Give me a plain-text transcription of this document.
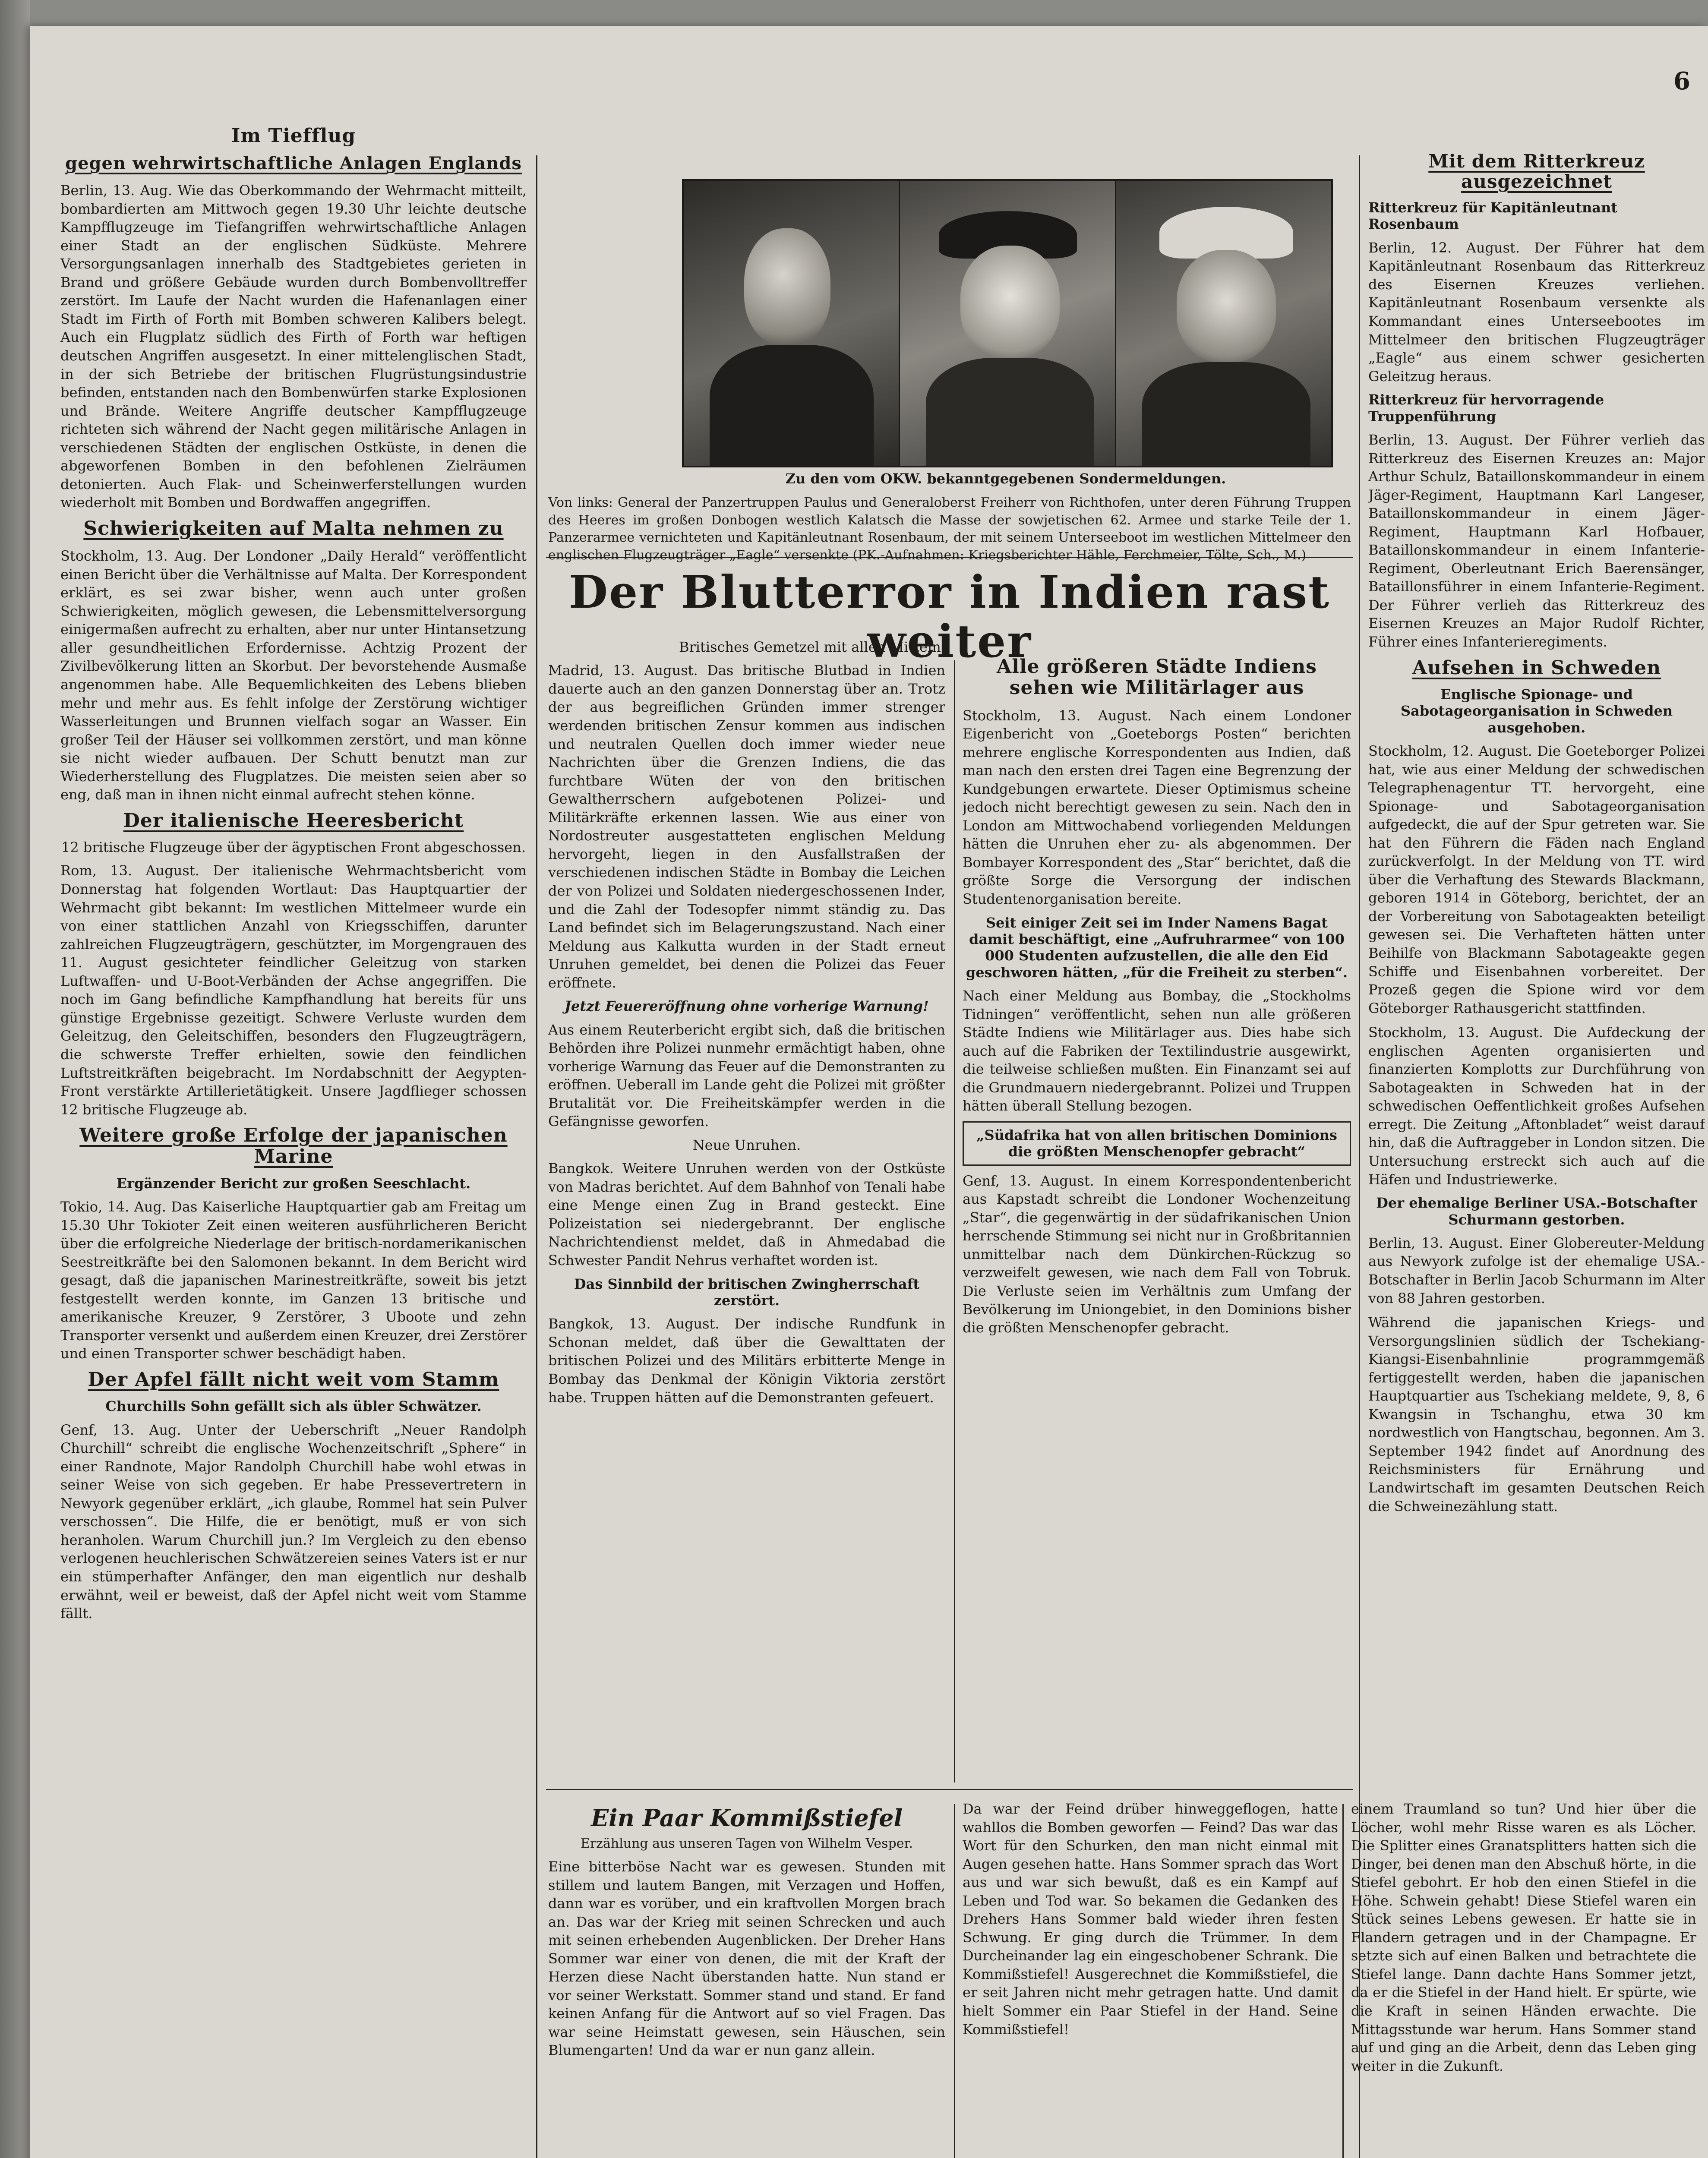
6
Im Tiefflug
gegen wehrwirtschaftliche Anlagen Englands

Berlin, 13. Aug. Wie das Oberkommando der Wehrmacht mitteilt, bombardierten am Mittwoch gegen 19.30 Uhr leichte deutsche Kampfflugzeuge im Tiefangriffen wehrwirtschaftliche Anlagen einer Stadt an der englischen Südküste. Mehrere Versorgungsanlagen innerhalb des Stadtgebietes gerieten in Brand und größere Gebäude wurden durch Bombenvolltreffer zerstört. Im Laufe der Nacht wurden die Hafenanlagen einer Stadt im Firth of Forth mit Bomben schweren Kalibers belegt. Auch ein Flugplatz südlich des Firth of Forth war heftigen deutschen Angriffen ausgesetzt. In einer mittelenglischen Stadt, in der sich Betriebe der britischen Flugrüstungsindustrie befinden, entstanden nach den Bombenwürfen starke Explosionen und Brände. Weitere Angriffe deutscher Kampfflugzeuge richteten sich während der Nacht gegen militärische Anlagen in verschiedenen Städten der englischen Ostküste, in denen die abgeworfenen Bomben in den befohlenen Zielräumen detonierten. Auch Flak- und Scheinwerferstellungen wurden wiederholt mit Bomben und Bordwaffen angegriffen.

Schwierigkeiten auf Malta nehmen zu

Stockholm, 13. Aug. Der Londoner „Daily Herald“ veröffentlicht einen Bericht über die Verhältnisse auf Malta. Der Korrespondent erklärt, es sei zwar bisher, wenn auch unter großen Schwierigkeiten, möglich gewesen, die Lebensmittelversorgung einigermaßen aufrecht zu erhalten, aber nur unter Hintansetzung aller gesundheitlichen Erfordernisse. Achtzig Prozent der Zivilbevölkerung litten an Skorbut. Der bevorstehende Ausmaße angenommen habe. Alle Bequemlichkeiten des Lebens blieben mehr und mehr aus. Es fehlt infolge der Zerstörung wichtiger Wasserleitungen und Brunnen vielfach sogar an Wasser. Ein großer Teil der Häuser sei vollkommen zerstört, und man könne sie nicht wieder aufbauen. Der Schutt benutzt man zur Wiederherstellung des Flugplatzes. Die meisten seien aber so eng, daß man in ihnen nicht einmal aufrecht stehen könne.

Der italienische Heeresbericht
12 britische Flugzeuge über der ägyptischen Front abgeschossen.

Rom, 13. August. Der italienische Wehrmachtsbericht vom Donnerstag hat folgenden Wortlaut: Das Hauptquartier der Wehrmacht gibt bekannt: Im westlichen Mittelmeer wurde ein von einer stattlichen Anzahl von Kriegsschiffen, darunter zahlreichen Flugzeugträgern, geschützter, im Morgengrauen des 11. August gesichteter feindlicher Geleitzug von starken Luftwaffen- und U-Boot-Verbänden der Achse angegriffen. Die noch im Gang befindliche Kampfhandlung hat bereits für uns günstige Ergebnisse gezeitigt. Schwere Verluste wurden dem Geleitzug, den Geleitschiffen, besonders den Flugzeugträgern, die schwerste Treffer erhielten, sowie den feindlichen Luftstreitkräften beigebracht. Im Nordabschnitt der Aegypten-Front verstärkte Artillerietätigkeit. Unsere Jagdflieger schossen 12 britische Flugzeuge ab.

Weitere große Erfolge der japanischen Marine
Ergänzender Bericht zur großen Seeschlacht.

Tokio, 14. Aug. Das Kaiserliche Hauptquartier gab am Freitag um 15.30 Uhr Tokioter Zeit einen weiteren ausführlicheren Bericht über die erfolgreiche Niederlage der britisch-nordamerikanischen Seestreitkräfte bei den Salomonen bekannt. In dem Bericht wird gesagt, daß die japanischen Marinestreitkräfte, soweit bis jetzt festgestellt werden konnte, im Ganzen 13 britische und amerikanische Kreuzer, 9 Zerstörer, 3 Uboote und zehn Transporter versenkt und außerdem einen Kreuzer, drei Zerstörer und einen Transporter schwer beschädigt haben.

Der Apfel fällt nicht weit vom Stamm
Churchills Sohn gefällt sich als übler Schwätzer.

Genf, 13. Aug. Unter der Ueberschrift „Neuer Randolph Churchill“ schreibt die englische Wochenzeitschrift „Sphere“ in einer Randnote, Major Randolph Churchill habe wohl etwas in seiner Weise von sich gegeben. Er habe Pressevertretern in Newyork gegenüber erklärt, „ich glaube, Rommel hat sein Pulver verschossen“. Die Hilfe, die er benötigt, muß er von sich heranholen. Warum Churchill jun.? Im Vergleich zu den ebenso verlogenen heuchlerischen Schwätzereien seines Vaters ist er nur ein stümperhafter Anfänger, den man eigentlich nur deshalb erwähnt, weil er beweist, daß der Apfel nicht weit vom Stamme fällt.

Zu den vom OKW. bekanntgegebenen Sondermeldungen.
Von links: General der Panzertruppen Paulus und Generaloberst Freiherr von Richthofen, unter deren Führung Truppen des Heeres im großen Donbogen westlich Kalatsch die Masse der sowjetischen 62. Armee und starke Teile der 1. Panzerarmee vernichteten und Kapitänleutnant Rosenbaum, der mit seinem Unterseeboot im westlichen Mittelmeer den englischen Flugzeugträger „Eagle“ versenkte (PK.-Aufnahmen: Kriegsberichter Hähle, Ferchmeier, Tölte, Sch., M.)
Der Blutterror in Indien rast weiter
Britisches Gemetzel mit allen Mitteln.

Madrid, 13. August. Das britische Blutbad in Indien dauerte auch an den ganzen Donnerstag über an. Trotz der aus begreiflichen Gründen immer strenger werdenden britischen Zensur kommen aus indischen und neutralen Quellen doch immer wieder neue Nachrichten über die Grenzen Indiens, die das furchtbare Wüten der von den britischen Gewaltherrschern aufgebotenen Polizei- und Militärkräfte erkennen lassen. Wie aus einer von Nordostreuter ausgestatteten englischen Meldung hervorgeht, liegen in den Ausfallstraßen der verschiedenen indischen Städte in Bombay die Leichen der von Polizei und Soldaten niedergeschossenen Inder, und die Zahl der Todesopfer nimmt ständig zu. Das Land befindet sich im Belagerungszustand. Nach einer Meldung aus Kalkutta wurden in der Stadt erneut Unruhen gemeldet, bei denen die Polizei das Feuer eröffnete.

Jetzt Feuereröffnung ohne vorherige Warnung!

Aus einem Reuterbericht ergibt sich, daß die britischen Behörden ihre Polizei nunmehr ermächtigt haben, ohne vorherige Warnung das Feuer auf die Demonstranten zu eröffnen. Ueberall im Lande geht die Polizei mit größter Brutalität vor. Die Freiheitskämpfer werden in die Gefängnisse geworfen.

Neue Unruhen.

Bangkok. Weitere Unruhen werden von der Ostküste von Madras berichtet. Auf dem Bahnhof von Tenali habe eine Menge einen Zug in Brand gesteckt. Eine Polizeistation sei niedergebrannt. Der englische Nachrichtendienst meldet, daß in Ahmedabad die Schwester Pandit Nehrus verhaftet worden ist.

Das Sinnbild der britischen Zwingherrschaft zerstört.

Bangkok, 13. August. Der indische Rundfunk in Schonan meldet, daß über die Gewalttaten der britischen Polizei und des Militärs erbitterte Menge in Bombay das Denkmal der Königin Viktoria zerstört habe. Truppen hätten auf die Demonstranten gefeuert.

Alle größeren Städte Indiens sehen wie Militärlager aus

Stockholm, 13. August. Nach einem Londoner Eigenbericht von „Goeteborgs Posten“ berichten mehrere englische Korrespondenten aus Indien, daß man nach den ersten drei Tagen eine Begrenzung der Kundgebungen erwartete. Dieser Optimismus scheine jedoch nicht berechtigt gewesen zu sein. Nach den in London am Mittwochabend vorliegenden Meldungen hätten die Unruhen eher zu- als abgenommen. Der Bombayer Korrespondent des „Star“ berichtet, daß die größte Sorge die Versorgung der indischen Studentenorganisation bereite.

Seit einiger Zeit sei im Inder Namens Bagat damit beschäftigt, eine „Aufruhrarmee“ von 100 000 Studenten aufzustellen, die alle den Eid geschworen hätten, „für die Freiheit zu sterben“.

Nach einer Meldung aus Bombay, die „Stockholms Tidningen“ veröffentlicht, sehen nun alle größeren Städte Indiens wie Militärlager aus. Dies habe sich auch auf die Fabriken der Textilindustrie ausgewirkt, die teilweise schließen mußten. Ein Finanzamt sei auf die Grundmauern niedergebrannt. Polizei und Truppen hätten überall Stellung bezogen.

„Südafrika hat von allen britischen Dominions die größten Menschenopfer gebracht“

Genf, 13. August. In einem Korrespondentenbericht aus Kapstadt schreibt die Londoner Wochenzeitung „Star“, die gegenwärtig in der südafrikanischen Union herrschende Stimmung sei nicht nur in Großbritannien unmittelbar nach dem Dünkirchen-Rückzug so verzweifelt gewesen, wie nach dem Fall von Tobruk. Die Verluste seien im Verhältnis zum Umfang der Bevölkerung im Uniongebiet, in den Dominions bisher die größten Menschenopfer gebracht.

Ein Paar Kommißstiefel
Erzählung aus unseren Tagen von Wilhelm Vesper.

Eine bitterböse Nacht war es gewesen. Stunden mit stillem und lautem Bangen, mit Verzagen und Hoffen, dann war es vorüber, und ein kraftvollen Morgen brach an. Das war der Krieg mit seinen Schrecken und auch mit seinen erhebenden Augenblicken. Der Dreher Hans Sommer war einer von denen, die mit der Kraft der Herzen diese Nacht überstanden hatte. Nun stand er vor seiner Werkstatt. Sommer stand und stand. Er fand keinen Anfang für die Antwort auf so viel Fragen. Das war seine Heimstatt gewesen, sein Häuschen, sein Blumengarten! Und da war er nun ganz allein.

Da war der Feind drüber hinweggeflogen, hatte wahllos die Bomben geworfen — Feind? Das war das Wort für den Schurken, den man nicht einmal mit Augen gesehen hatte. Hans Sommer sprach das Wort aus und war sich bewußt, daß es ein Kampf auf Leben und Tod war. So bekamen die Gedanken des Drehers Hans Sommer bald wieder ihren festen Schwung. Er ging durch die Trümmer. In dem Durcheinander lag ein eingeschobener Schrank. Die Kommißstiefel! Ausgerechnet die Kommißstiefel, die er seit Jahren nicht mehr getragen hatte. Und damit hielt Sommer ein Paar Stiefel in der Hand. Seine Kommißstiefel!

einem Traumland so tun? Und hier über die Löcher, wohl mehr Risse waren es als Löcher. Die Splitter eines Granatsplitters hatten sich die Dinger, bei denen man den Abschuß hörte, in die Stiefel gebohrt. Er hob den einen Stiefel in die Höhe. Schwein gehabt! Diese Stiefel waren ein Stück seines Lebens gewesen. Er hatte sie in Flandern getragen und in der Champagne. Er setzte sich auf einen Balken und betrachtete die Stiefel lange. Dann dachte Hans Sommer jetzt, da er die Stiefel in der Hand hielt. Er spürte, wie die Kraft in seinen Händen erwachte. Die Mittagsstunde war herum. Hans Sommer stand auf und ging an die Arbeit, denn das Leben ging weiter in die Zukunft.

Mit dem Ritterkreuz ausgezeichnet
Ritterkreuz für Kapitänleutnant Rosenbaum

Berlin, 12. August. Der Führer hat dem Kapitänleutnant Rosenbaum das Ritterkreuz des Eisernen Kreuzes verliehen. Kapitänleutnant Rosenbaum versenkte als Kommandant eines Unterseebootes im Mittelmeer den britischen Flugzeugträger „Eagle“ aus einem schwer gesicherten Geleitzug heraus.

Ritterkreuz für hervorragende Truppenführung

Berlin, 13. August. Der Führer verlieh das Ritterkreuz des Eisernen Kreuzes an: Major Arthur Schulz, Bataillonskommandeur in einem Jäger-Regiment, Hauptmann Karl Langeser, Bataillonskommandeur in einem Jäger-Regiment, Hauptmann Karl Hofbauer, Bataillonskommandeur in einem Infanterie-Regiment, Oberleutnant Erich Baerensänger, Bataillonsführer in einem Infanterie-Regiment. Der Führer verlieh das Ritterkreuz des Eisernen Kreuzes an Major Rudolf Richter, Führer eines Infanterieregiments.

Aufsehen in Schweden
Englische Spionage- und Sabotageorganisation in Schweden ausgehoben.

Stockholm, 12. August. Die Goeteborger Polizei hat, wie aus einer Meldung der schwedischen Telegraphenagentur TT. hervorgeht, eine Spionage- und Sabotageorganisation aufgedeckt, die auf der Spur getreten war. Sie hat den Führern die Fäden nach England zurückverfolgt. In der Meldung von TT. wird über die Verhaftung des Stewards Blackmann, geboren 1914 in Göteborg, berichtet, der an der Vorbereitung von Sabotageakten beteiligt gewesen sei. Die Verhafteten hätten unter Beihilfe von Blackmann Sabotageakte gegen Schiffe und Eisenbahnen vorbereitet. Der Prozeß gegen die Spione wird vor dem Göteborger Rathausgericht stattfinden.

Stockholm, 13. August. Die Aufdeckung der englischen Agenten organisierten und finanzierten Komplotts zur Durchführung von Sabotageakten in Schweden hat in der schwedischen Oeffentlichkeit großes Aufsehen erregt. Die Zeitung „Aftonbladet“ weist darauf hin, daß die Auftraggeber in London sitzen. Die Untersuchung erstreckt sich auch auf die Häfen und Industriewerke.

Der ehemalige Berliner USA.-Botschafter Schurmann gestorben.

Berlin, 13. August. Einer Globereuter-Meldung aus Newyork zufolge ist der ehemalige USA.-Botschafter in Berlin Jacob Schurmann im Alter von 88 Jahren gestorben.

Während die japanischen Kriegs- und Versorgungslinien südlich der Tschekiang-Kiangsi-Eisenbahnlinie programmgemäß fertiggestellt werden, haben die japanischen Hauptquartier aus Tschekiang meldete, 9, 8, 6 Kwangsin in Tschanghu, etwa 30 km nordwestlich von Hangtschau, begonnen. Am 3. September 1942 findet auf Anordnung des Reichsministers für Ernährung und Landwirtschaft im gesamten Deutschen Reich die Schweinezählung statt.
